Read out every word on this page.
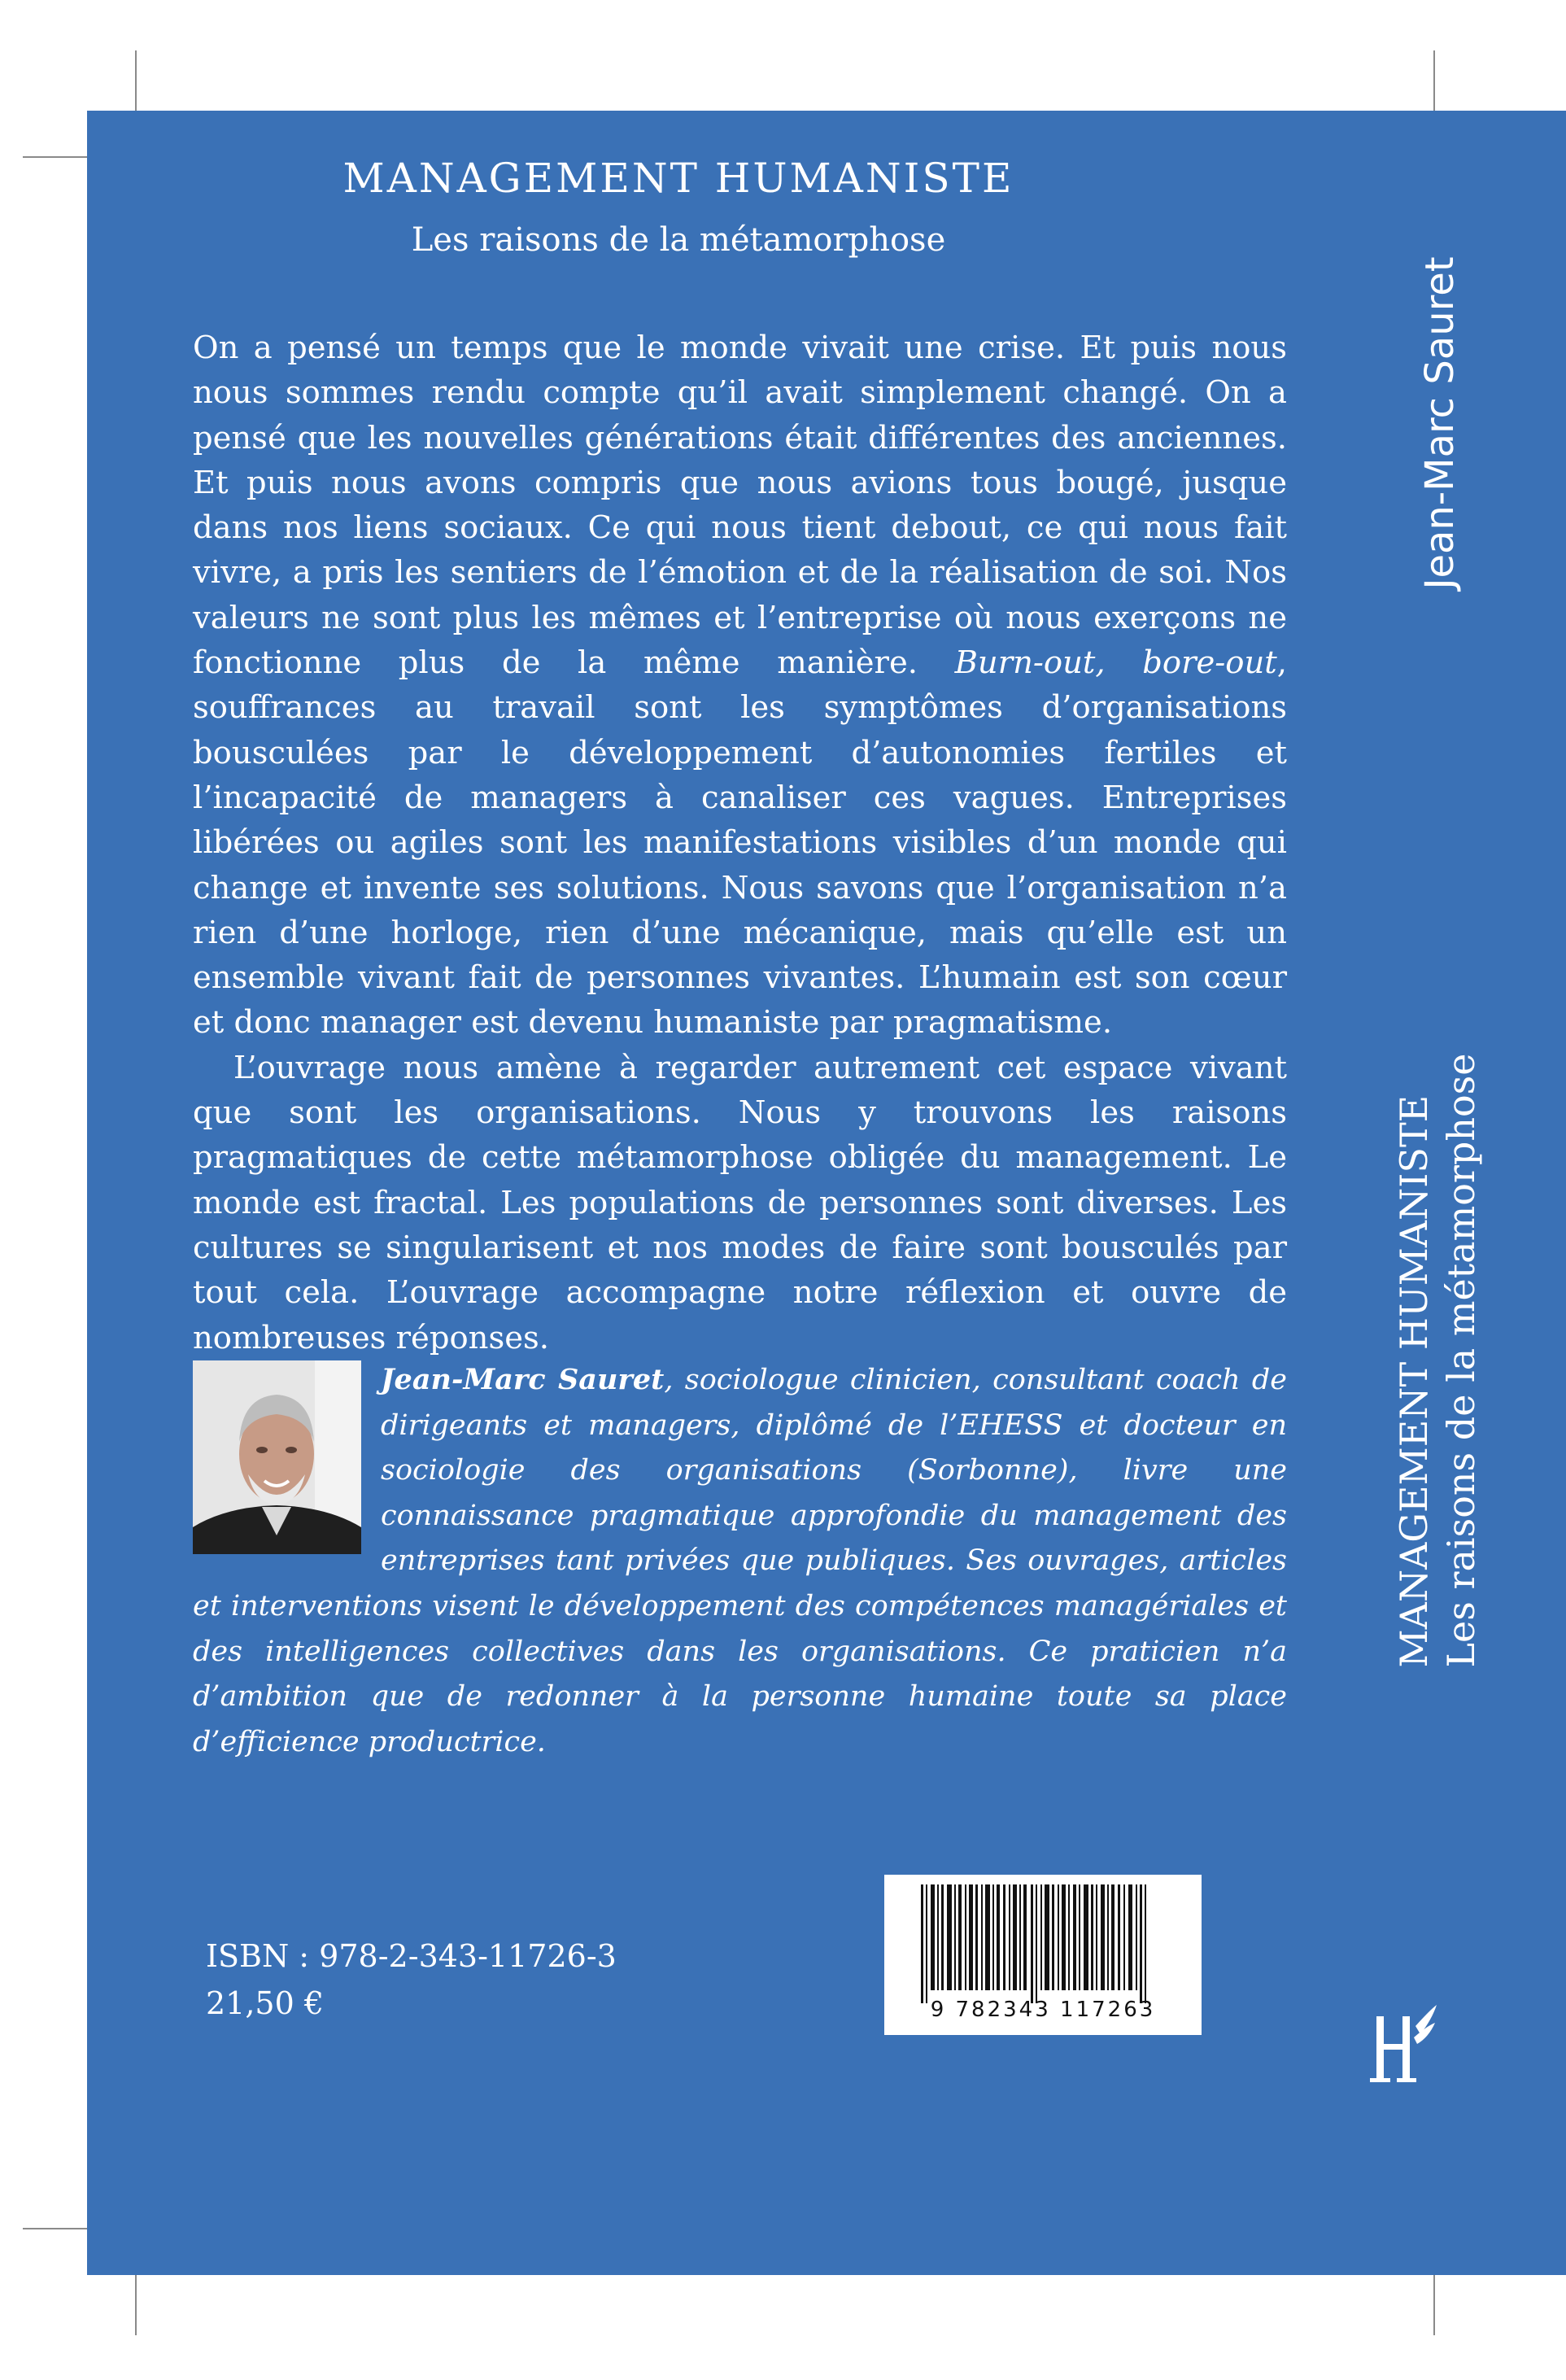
MANAGEMENT HUMANISTE
Les raisons de la métamorphose

On a pensé un temps que le monde vivait une crise. Et puis nous nous sommes rendu compte qu’il avait simplement changé. On a pensé que les nouvelles générations était différentes des anciennes. Et puis nous avons compris que nous avions tous bougé, jusque dans nos liens sociaux. Ce qui nous tient debout, ce qui nous fait vivre, a pris les sentiers de l’émotion et de la réalisation de soi. Nos valeurs ne sont plus les mêmes et l’entreprise où nous exerçons ne fonctionne plus de la même manière. Burn-out, bore-out, souffrances au travail sont les symptômes d’organisations bousculées par le développement d’autonomies fertiles et l’incapacité de managers à canaliser ces vagues. Entreprises libérées ou agiles sont les manifestations visibles d’un monde qui change et invente ses solutions. Nous savons que l’organisation n’a rien d’une horloge, rien d’une mécanique, mais qu’elle est un ensemble vivant fait de personnes vivantes. L’humain est son cœur et donc manager est devenu humaniste par pragmatisme.

L’ouvrage nous amène à regarder autrement cet espace vivant que sont les organisations. Nous y trouvons les raisons pragmatiques de cette métamorphose obligée du management. Le monde est fractal. Les populations de personnes sont diverses. Les cultures se singularisent et nos modes de faire sont bousculés par tout cela. L’ouvrage accompagne notre réflexion et ouvre de nombreuses réponses.

Jean-Marc Sauret, sociologue clinicien, consultant coach de dirigeants et managers, diplômé de l’EHESS et docteur en sociologie des organisations (Sorbonne), livre une connaissance pragmatique approfondie du management des entreprises tant privées que publiques. Ses ouvrages, articles et interventions visent le développement des compétences managériales et des intelligences collectives dans les organisations. Ce praticien n’a d’ambition que de redonner à la personne humaine toute sa place d’efficience productrice.
ISBN : 978-2-343-11726-3
21,50 €	9 782343 117263
Jean-Marc Sauret
MANAGEMENT HUMANISTE Les raisons de la métamorphose
